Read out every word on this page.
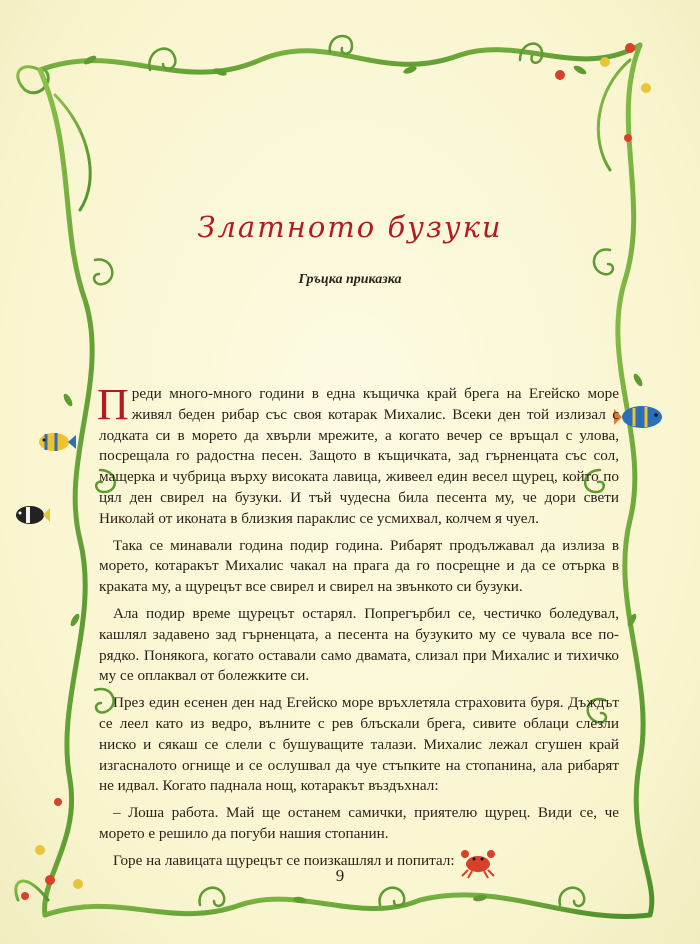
Златното бузуки
Гръцка приказка

Преди много-много години в една къщичка край брега на Егейско море живял беден рибар със своя котарак Михалис. Всеки ден той излизал с лодката си в морето да хвърли мрежите, а когато вечер се връщал с улова, посрещала го радостна песен. Защото в къщичката, зад гърненцата със сол, мащерка и чубрица върху високата лавица, живеел един весел щурец, който по цял ден свирел на бузуки. И тъй чудесна била песента му, че дори свети Николай от иконата в близкия параклис се усмихвал, колчем я чуел.

Така се минавали година подир година. Рибарят продължавал да излиза в морето, котаракът Михалис чакал на прага да го посрещне и да се отърка в краката му, а щурецът все свирел и свирел на звънкото си бузуки.

Ала подир време щурецът остарял. Попрегърбил се, честичко боледувал, кашлял задавено зад гърненцата, а песента на бузукито му се чувала все по-рядко. Понякога, когато оставали само двамата, слизал при Михалис и тихичко му се оплаквал от болежките си.

През един есенен ден над Егейско море връхлетяла страховита буря. Дъждът се леел като из ведро, вълните с рев блъскали брега, сивите облаци слезли ниско и сякаш се слели с бушуващите талази. Михалис лежал сгушен край изгасналото огнище и се ослушвал да чуе стъпките на стопанина, ала рибарят не идвал. Когато паднала нощ, котаракът въздъхнал:

– Лоша работа. Май ще останем самички, приятелю щурец. Види се, че морето е решило да погуби нашия стопанин.

Горе на лавицата щурецът се поизкашлял и попитал:

9
